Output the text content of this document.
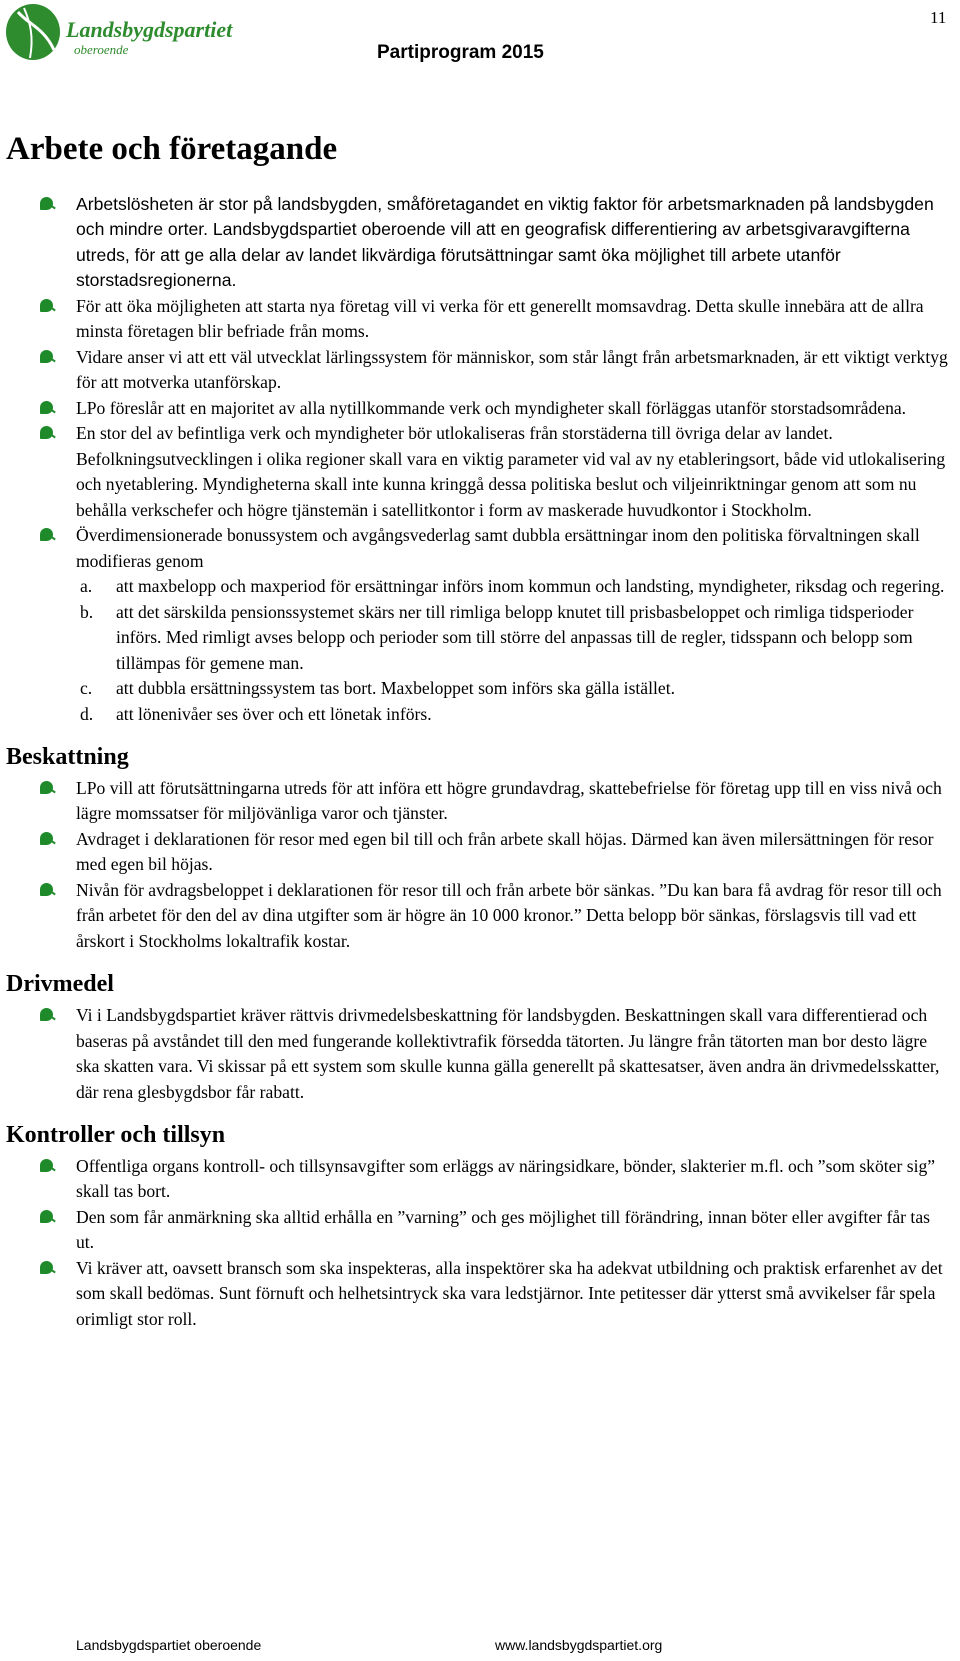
Landsbygdspartiet
oberoende
11
Partiprogram 2015
Arbete och företagande
Arbetslösheten är stor på landsbygden, småföretagandet en viktig faktor för arbetsmarknaden på landsbygden och mindre orter. Landsbygdspartiet oberoende vill att en geografisk differentiering av arbetsgivaravgifterna utreds, för att ge alla delar av landet likvärdiga förutsättningar samt öka möjlighet till arbete utanför storstadsregionerna.
För att öka möjligheten att starta nya företag vill vi verka för ett generellt momsavdrag. Detta skulle innebära att de allra minsta företagen blir befriade från moms.
Vidare anser vi att ett väl utvecklat lärlingssystem för människor, som står långt från arbetsmarknaden, är ett viktigt verktyg för att motverka utanförskap.
LPo föreslår att en majoritet av alla nytillkommande verk och myndigheter skall förläggas utanför storstadsområdena.
En stor del av befintliga verk och myndigheter bör utlokaliseras från storstäderna till övriga delar av landet. Befolkningsutvecklingen i olika regioner skall vara en viktig parameter vid val av ny etableringsort, både vid utlokalisering och nyetablering. Myndigheterna skall inte kunna kringgå dessa politiska beslut och viljeinriktningar genom att som nu behålla verkschefer och högre tjänstemän i satellitkontor i form av maskerade huvudkontor i Stockholm.
Överdimensionerade bonussystem och avgångsvederlag samt dubbla ersättningar inom den politiska förvaltningen skall modifieras genom
a. att maxbelopp och maxperiod för ersättningar införs inom kommun och landsting, myndigheter, riksdag och regering.
b. att det särskilda pensionssystemet skärs ner till rimliga belopp knutet till prisbasbeloppet och rimliga tidsperioder införs. Med rimligt avses belopp och perioder som till större del anpassas till de regler, tidsspann och belopp som tillämpas för gemene man.
c. att dubbla ersättningssystem tas bort. Maxbeloppet som införs ska gälla istället.
d. att lönenivåer ses över och ett lönetak införs.
Beskattning
LPo vill att förutsättningarna utreds för att införa ett högre grundavdrag, skattebefrielse för företag upp till en viss nivå och lägre momssatser för miljövänliga varor och tjänster.
Avdraget i deklarationen för resor med egen bil till och från arbete skall höjas. Därmed kan även milersättningen för resor med egen bil höjas.
Nivån för avdragsbeloppet i deklarationen för resor till och från arbete bör sänkas. ”Du kan bara få avdrag för resor till och från arbetet för den del av dina utgifter som är högre än 10 000 kronor.” Detta belopp bör sänkas, förslagsvis till vad ett årskort i Stockholms lokaltrafik kostar.
Drivmedel
Vi i Landsbygdspartiet kräver rättvis drivmedelsbeskattning för landsbygden. Beskattningen skall vara differentierad och baseras på avståndet till den med fungerande kollektivtrafik försedda tätorten. Ju längre från tätorten man bor desto lägre ska skatten vara. Vi skissar på ett system som skulle kunna gälla generellt på skattesatser, även andra än drivmedelsskatter, där rena glesbygdsbor får rabatt.
Kontroller och tillsyn
Offentliga organs kontroll- och tillsynsavgifter som erläggs av näringsidkare, bönder, slakterier m.fl. och ”som sköter sig” skall tas bort.
Den som får anmärkning ska alltid erhålla en ”varning” och ges möjlighet till förändring, innan böter eller avgifter får tas ut.
Vi kräver att, oavsett bransch som ska inspekteras, alla inspektörer ska ha adekvat utbildning och praktisk erfarenhet av det som skall bedömas. Sunt förnuft och helhetsintryck ska vara ledstjärnor. Inte petitesser där ytterst små avvikelser får spela orimligt stor roll.
Landsbygdspartiet oberoende	www.landsbygdspartiet.org
